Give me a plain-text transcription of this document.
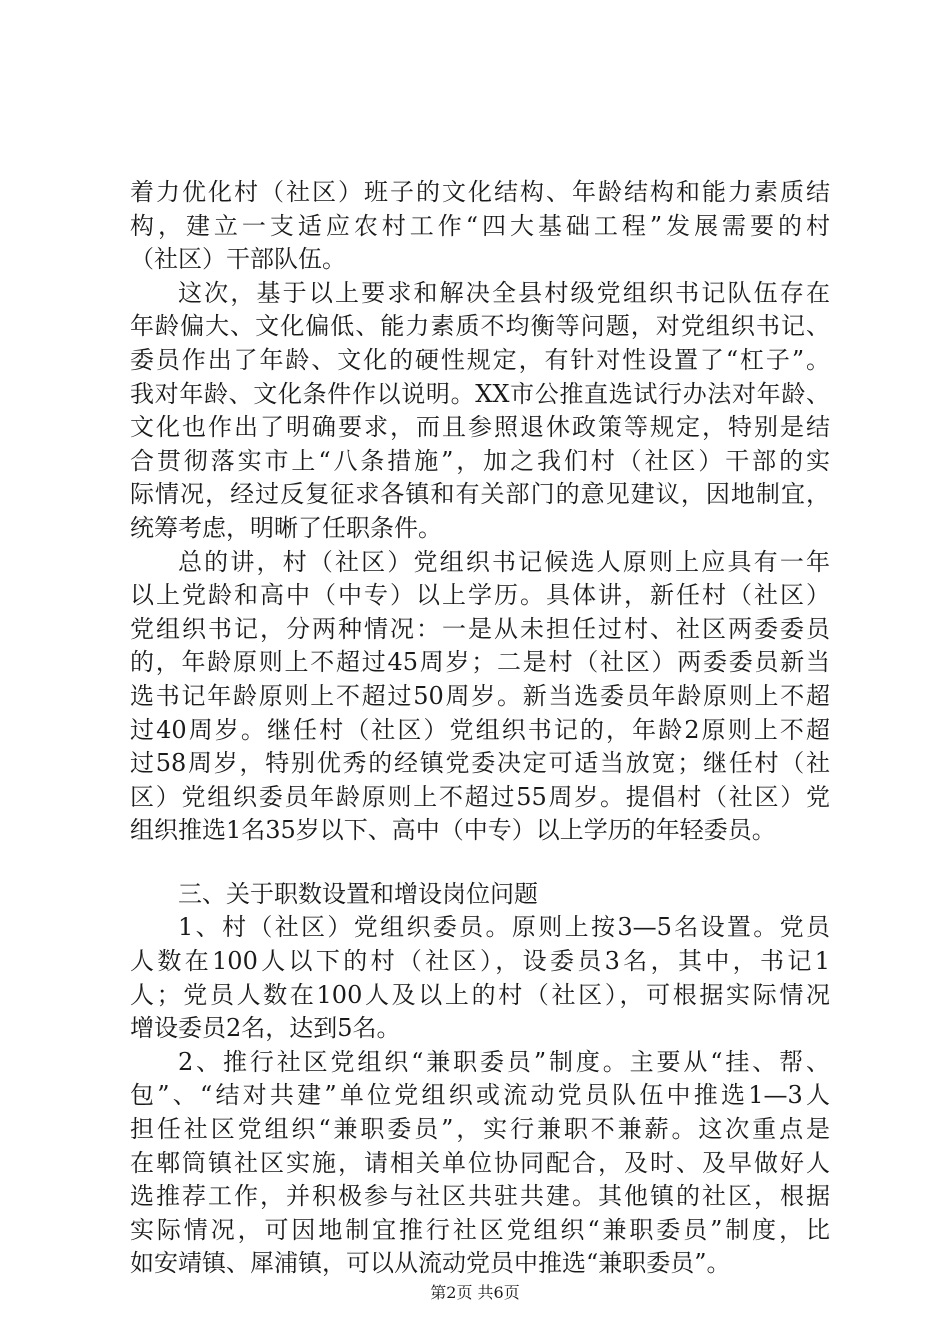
着力优化村（社区）班子的文化结构、年龄结构和能力素质结
构，建立一支适应农村工作“四大基础工程”发展需要的村
（社区）干部队伍。
这次，基于以上要求和解决全县村级党组织书记队伍存在
年龄偏大、文化偏低、能力素质不均衡等问题，对党组织书记、
委员作出了年龄、文化的硬性规定，有针对性设置了“杠子”。
我对年龄、文化条件作以说明。XX市公推直选试行办法对年龄、
文化也作出了明确要求，而且参照退休政策等规定，特别是结
合贯彻落实市上“八条措施”，加之我们村（社区）干部的实
际情况，经过反复征求各镇和有关部门的意见建议，因地制宜，
统筹考虑，明晰了任职条件。
总的讲，村（社区）党组织书记候选人原则上应具有一年
以上党龄和高中（中专）以上学历。具体讲，新任村（社区）
党组织书记，分两种情况：一是从未担任过村、社区两委委员
的，年龄原则上不超过45周岁；二是村（社区）两委委员新当
选书记年龄原则上不超过50周岁。新当选委员年龄原则上不超
过40周岁。继任村（社区）党组织书记的，年龄2原则上不超
过58周岁，特别优秀的经镇党委决定可适当放宽；继任村（社
区）党组织委员年龄原则上不超过55周岁。提倡村（社区）党
组织推选1名35岁以下、高中（中专）以上学历的年轻委员。
三、关于职数设置和增设岗位问题
1、村（社区）党组织委员。原则上按3—5名设置。党员
人数在100人以下的村（社区），设委员3名，其中，书记1
人；党员人数在100人及以上的村（社区），可根据实际情况
增设委员2名，达到5名。
2、推行社区党组织“兼职委员”制度。主要从“挂、帮、
包”、“结对共建”单位党组织或流动党员队伍中推选1—3人
担任社区党组织“兼职委员”，实行兼职不兼薪。这次重点是
在郫筒镇社区实施，请相关单位协同配合，及时、及早做好人
选推荐工作，并积极参与社区共驻共建。其他镇的社区，根据
实际情况，可因地制宜推行社区党组织“兼职委员”制度，比
如安靖镇、犀浦镇，可以从流动党员中推选“兼职委员”。
第2页 共6页
